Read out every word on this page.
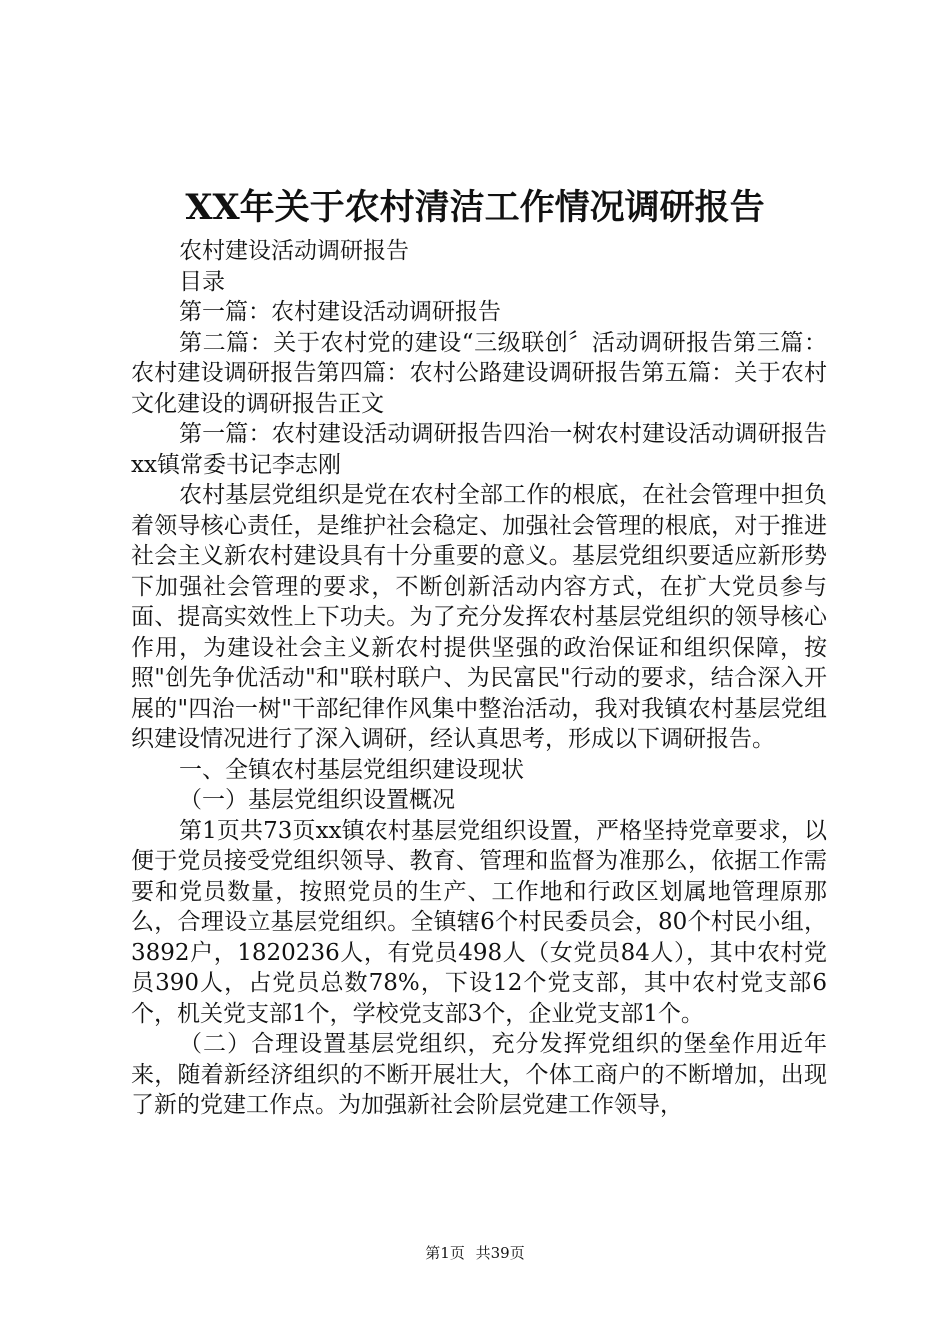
XX年关于农村清洁工作情况调研报告

农村建设活动调研报告

目录

第一篇：农村建设活动调研报告

第二篇：关于农村党的建设“三级联创〞活动调研报告第三篇：农村建设调研报告第四篇：农村公路建设调研报告第五篇：关于农村文化建设的调研报告正文

第一篇：农村建设活动调研报告四治一树农村建设活动调研报告xx镇常委书记李志刚

农村基层党组织是党在农村全部工作的根底，在社会管理中担负着领导核心责任，是维护社会稳定、加强社会管理的根底，对于推进社会主义新农村建设具有十分重要的意义。基层党组织要适应新形势下加强社会管理的要求，不断创新活动内容方式，在扩大党员参与面、提高实效性上下功夫。为了充分发挥农村基层党组织的领导核心作用，为建设社会主义新农村提供坚强的政治保证和组织保障，按照"创先争优活动"和"联村联户、为民富民"行动的要求，结合深入开展的"四治一树"干部纪律作风集中整治活动，我对我镇农村基层党组织建设情况进行了深入调研，经认真思考，形成以下调研报告。

一、全镇农村基层党组织建设现状

（一）基层党组织设置概况

第1页共73页xx镇农村基层党组织设置，严格坚持党章要求，以便于党员接受党组织领导、教育、管理和监督为准那么，依据工作需要和党员数量，按照党员的生产、工作地和行政区划属地管理原那么，合理设立基层党组织。全镇辖6个村民委员会，80个村民小组，3892户，1820236人，有党员498人（女党员84人），其中农村党员390人，占党员总数78%，下设12个党支部，其中农村党支部6个，机关党支部1个，学校党支部3个，企业党支部1个。

（二）合理设置基层党组织，充分发挥党组织的堡垒作用近年来，随着新经济组织的不断开展壮大，个体工商户的不断增加，出现了新的党建工作点。为加强新社会阶层党建工作领导，

第1页 共39页
